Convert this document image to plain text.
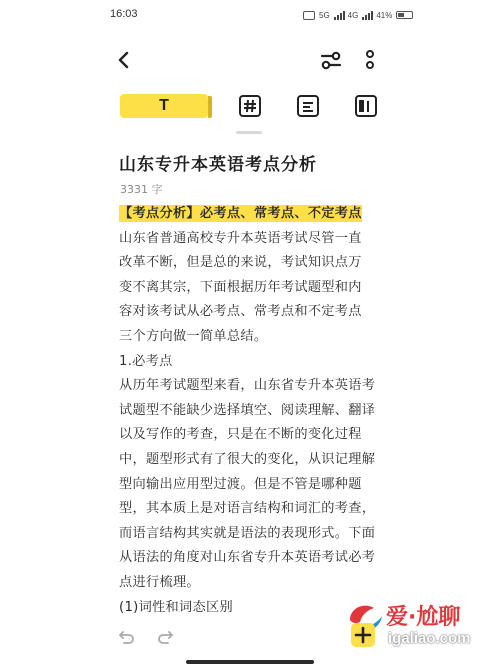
16:03	5G 4G 41%
T
山东专升本英语考点分析
3331 字
【考点分析】必考点、常考点、不定考点
山东省普通高校专升本英语考试尽管一直
改革不断，但是总的来说，考试知识点万
变不离其宗，下面根据历年考试题型和内
容对该考试从必考点、常考点和不定考点
三个方向做一简单总结。
1.必考点
从历年考试题型来看，山东省专升本英语考
试题型不能缺少选择填空、阅读理解、翻译
以及写作的考查，只是在不断的变化过程
中，题型形式有了很大的变化，从识记理解
型向输出应用型过渡。但是不管是哪种题
型，其本质上是对语言结构和词汇的考查，
而语言结构其实就是语法的表现形式。下面
从语法的角度对山东省专升本英语考试必考
点进行梳理。
(1)词性和词态区别	爱·尬聊
igaliao.com
